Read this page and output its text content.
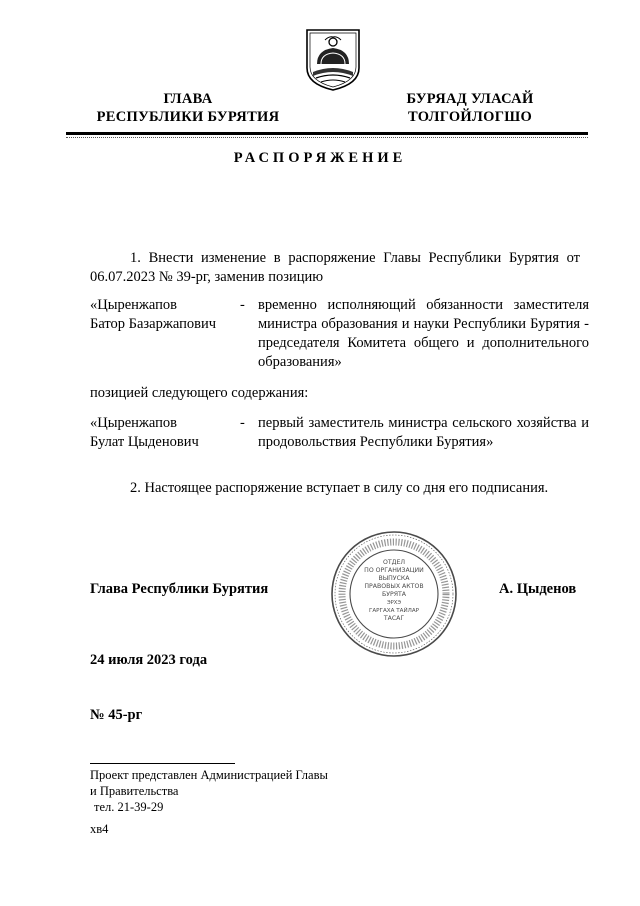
ГЛАВА
РЕСПУБЛИКИ БУРЯТИЯ
БУРЯАД УЛАСАЙ
ТОЛГОЙЛОГШО
РАСПОРЯЖЕНИЕ
1. Внести изменение в распоряжение Главы Республики Бурятия от 06.07.2023 № 39-рг, заменив позицию
«Цыренжапов
Батор Базаржапович
- временно исполняющий обязанности заместителя министра образования и науки Республики Бурятия - председателя Комитета общего и дополнительного образования»
позицией следующего содержания:
«Цыренжапов
Булат Цыденович
- первый заместитель министра сельского хозяйства и продовольствия Республики Бурятия»
2. Настоящее распоряжение вступает в силу со дня его подписания.
Глава Республики Бурятия	А. Цыденов
ОТДЕЛ
ПО ОРГАНИЗАЦИИ
ВЫПУСКА
ПРАВОВЫХ АКТОВ
БУРЯТА
ЭРХЭ
ГАРГАХА ТАЙЛАР
ТАСАГ
24 июля 2023 года
№ 45-рг
Проект представлен Администрацией Главы
и Правительства
тел. 21-39-29
хв4
